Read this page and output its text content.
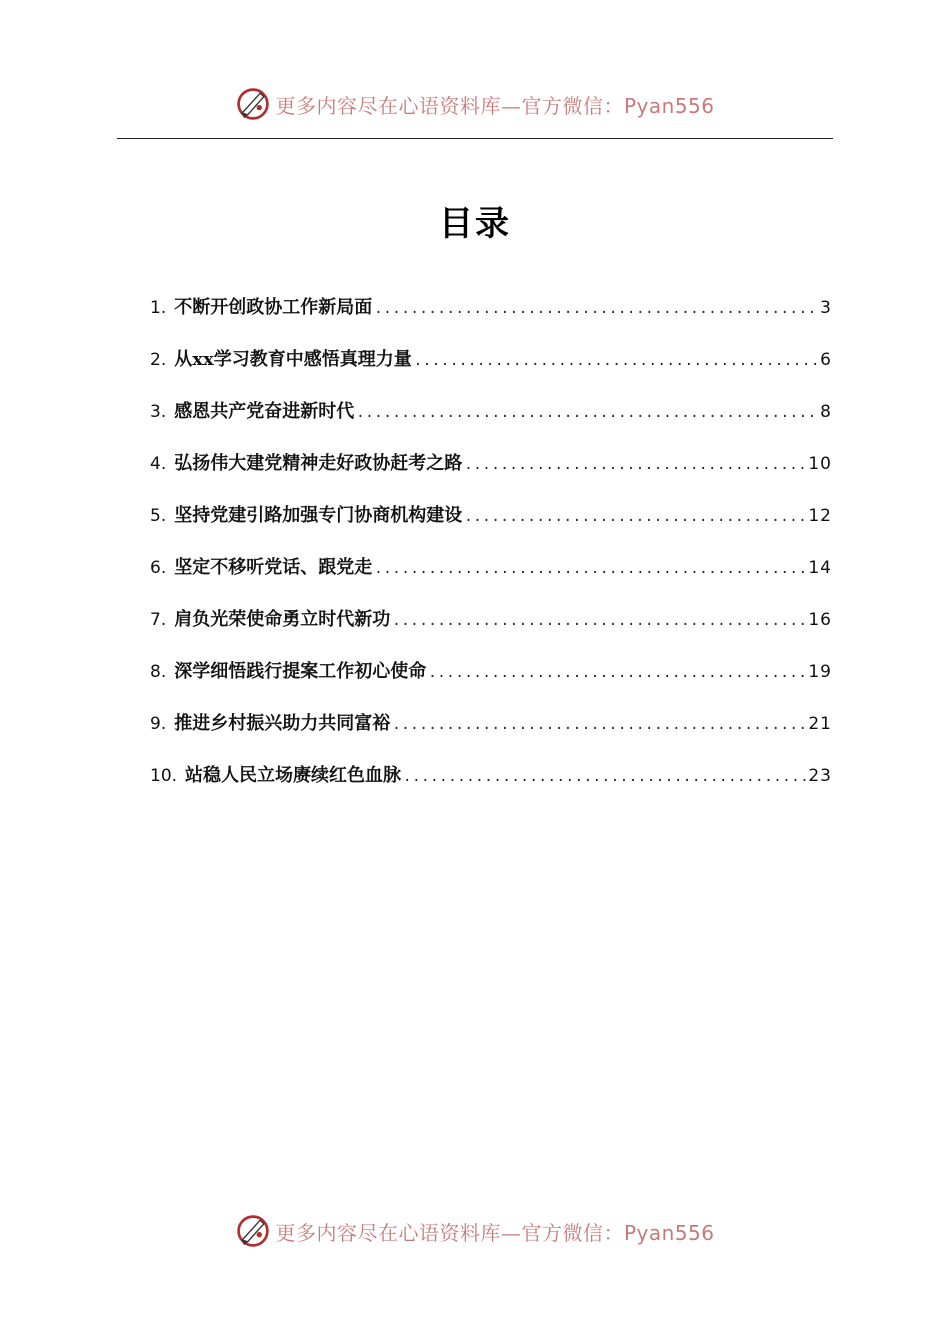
更多内容尽在心语资料库—官方微信：Pyan556
目录
1. 不断开创政协工作新局面 .....	3
2. 从xx学习教育中感悟真理力量 .....	6
3. 感恩共产党奋进新时代 .....	8
4. 弘扬伟大建党精神走好政协赶考之路 .....	10
5. 坚持党建引路加强专门协商机构建设 .....	12
6. 坚定不移听党话、跟党走 .....	14
7. 肩负光荣使命勇立时代新功 .....	16
8. 深学细悟践行提案工作初心使命 .....	19
9. 推进乡村振兴助力共同富裕 .....	21
10. 站稳人民立场赓续红色血脉 .....	23
更多内容尽在心语资料库—官方微信：Pyan556
